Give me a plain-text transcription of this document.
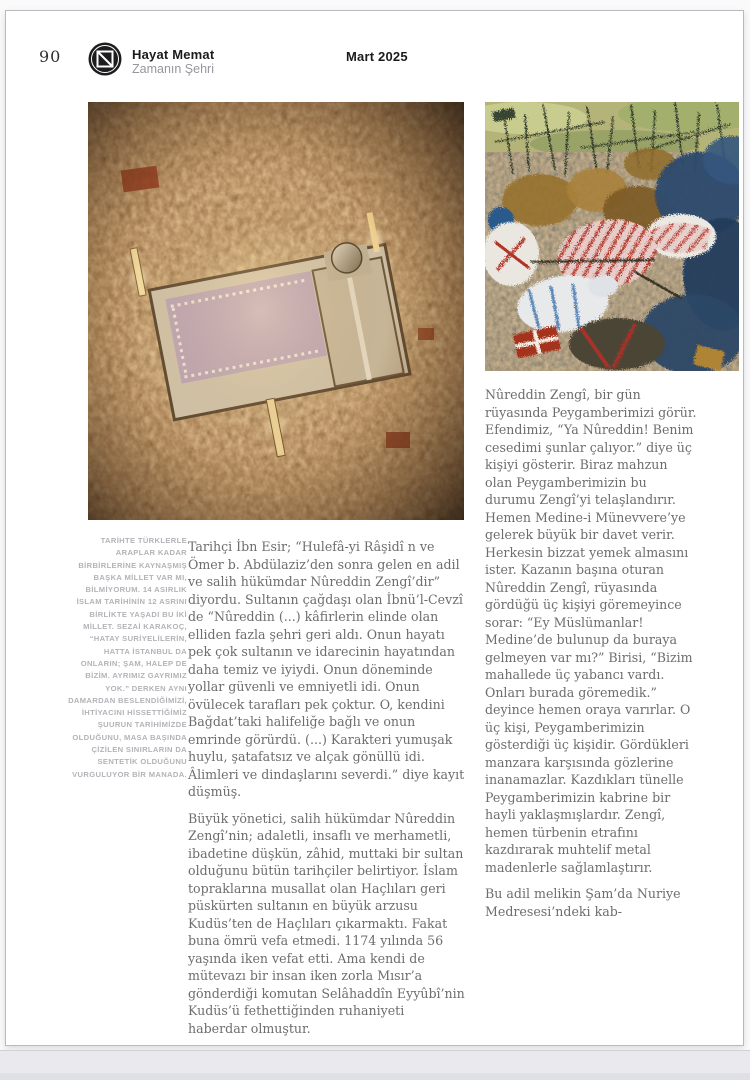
90	Hayat Memat
Zamanın Şehri
Mart 2025
TARİHTE TÜRKLERLE ARAPLAR KADAR BİRBİRLERİNE KAYNAŞMIŞ BAŞKA MİLLET VAR MI, BİLMİYORUM. 14 ASIRLIK İSLAM TARİHİNİN 12 ASRINI BİRLİKTE YAŞADI BU İKİ MİLLET. SEZAİ KARAKOÇ, “HATAY SURİYELİLERİN, HATTA İSTANBUL DA ONLARIN; ŞAM, HALEP DE BİZİM. AYRIMIZ GAYRIMIZ YOK.” DERKEN AYNI DAMARDAN BESLENDİĞİMİZİ, İHTİYACINI HİSSETTİĞİMİZ ŞUURUN TARİHİMİZDE OLDUĞUNU, MASA BAŞINDA ÇİZİLEN SINIRLARIN DA SENTETİK OLDUĞUNU VURGULUYOR BİR MANADA.

Tarihçi İbn Esir; “Hulefâ-yi Râşidî n ve Ömer b. Abdülaziz’den sonra gelen en adil ve salih hükümdar Nûreddin Zengî’dir” diyordu. Sultanın çağdaşı olan İbnü’l-Cevzî de “Nûreddin (...) kâfirlerin elinde olan elliden fazla şehri geri aldı. Onun hayatı pek çok sultanın ve idarecinin hayatından daha temiz ve iyiydi. Onun döneminde yollar güvenli ve emniyetli idi. Onun övülecek tarafları pek çoktur. O, kendini Bağdat’taki halifeliğe bağlı ve onun emrinde görürdü. (...) Karakteri yumuşak huylu, şatafatsız ve alçak gönüllü idi. Âlimleri ve dindaşlarını severdi.” diye kayıt düşmüş.

Büyük yönetici, salih hükümdar Nûreddin Zengî’nin; adaletli, insaflı ve merhametli, ibadetine düşkün, zâhid, muttaki bir sultan olduğunu bütün tarihçiler belirtiyor. İslam topraklarına musallat olan Haçlıları geri püskürten sultanın en büyük arzusu Kudüs’ten de Haçlıları çıkarmaktı. Fakat buna ömrü vefa etmedi. 1174 yılında 56 yaşında iken vefat etti. Ama kendi de mütevazı bir insan iken zorla Mısır’a gönderdiği komutan Selâhaddîn Eyyûbî’nin Kudüs’ü fethettiğinden ruhaniyeti haberdar olmuştur.

Nûreddin Zengî, bir gün rüyasında Peygamberimizi görür. Efendimiz, “Ya Nûreddin! Benim cesedimi şunlar çalıyor.” diye üç kişiyi gösterir. Biraz mahzun olan Peygamberimizin bu durumu Zengî’yi telaşlandırır. Hemen Medine-i Münevvere’ye gelerek büyük bir davet verir. Herkesin bizzat yemek almasını ister. Kazanın başına oturan Nûreddin Zengî, rüyasında gördüğü üç kişiyi göremeyince sorar: “Ey Müslümanlar! Medine’de bulunup da buraya gelmeyen var mı?” Birisi, “Bizim mahallede üç yabancı vardı. Onları burada göremedik.” deyince hemen oraya varırlar. O üç kişi, Peygamberimizin gösterdiği üç kişidir. Gördükleri manzara karşısında gözlerine inanamazlar. Kazdıkları tünelle Peygamberimizin kabrine bir hayli yaklaşmışlardır. Zengî, hemen türbenin etrafını kazdırarak muhtelif metal madenlerle sağlamlaştırır.

Bu adil melikin Şam’da Nuriye Medresesi’ndeki kab-
